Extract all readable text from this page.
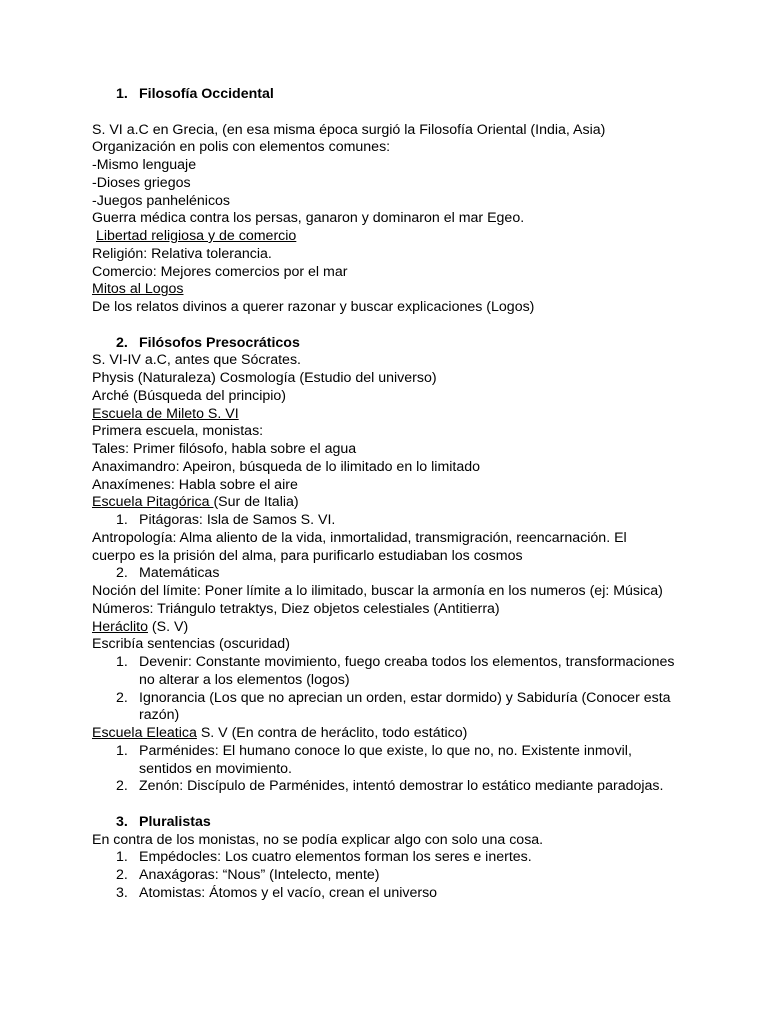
1. Filosofía Occidental
S. VI a.C en Grecia, (en esa misma época surgió la Filosofía Oriental (India, Asia)
Organización en polis con elementos comunes:
-Mismo lenguaje
-Dioses griegos
-Juegos panhelénicos
Guerra médica contra los persas, ganaron y dominaron el mar Egeo.
Libertad religiosa y de comercio
Religión: Relativa tolerancia.
Comercio: Mejores comercios por el mar
Mitos al Logos
De los relatos divinos a querer razonar y buscar explicaciones (Logos)
2. Filósofos Presocráticos
S. VI-IV a.C, antes que Sócrates.
Physis (Naturaleza) Cosmología (Estudio del universo)
Arché (Búsqueda del principio)
Escuela de Mileto S. VI
Primera escuela, monistas:
Tales: Primer filósofo, habla sobre el agua
Anaximandro: Apeiron, búsqueda de lo ilimitado en lo limitado
Anaxímenes: Habla sobre el aire
Escuela Pitagórica (Sur de Italia)
1. Pitágoras: Isla de Samos S. VI.
Antropología: Alma aliento de la vida, inmortalidad, transmigración, reencarnación. El
cuerpo es la prisión del alma, para purificarlo estudiaban los cosmos
2. Matemáticas
Noción del límite: Poner límite a lo ilimitado, buscar la armonía en los numeros (ej: Música)
Números: Triángulo tetraktys, Diez objetos celestiales (Antitierra)
Heráclito (S. V)
Escribía sentencias (oscuridad)
1. Devenir: Constante movimiento, fuego creaba todos los elementos, transformaciones
no alterar a los elementos (logos)
2. Ignorancia (Los que no aprecian un orden, estar dormido) y Sabiduría (Conocer esta
razón)
Escuela Eleatica S. V (En contra de heráclito, todo estático)
1. Parménides: El humano conoce lo que existe, lo que no, no. Existente inmovil,
sentidos en movimiento.
2. Zenón: Discípulo de Parménides, intentó demostrar lo estático mediante paradojas.
3. Pluralistas
En contra de los monistas, no se podía explicar algo con solo una cosa.
1. Empédocles: Los cuatro elementos forman los seres e inertes.
2. Anaxágoras: “Nous” (Intelecto, mente)
3. Atomistas: Átomos y el vacío, crean el universo
